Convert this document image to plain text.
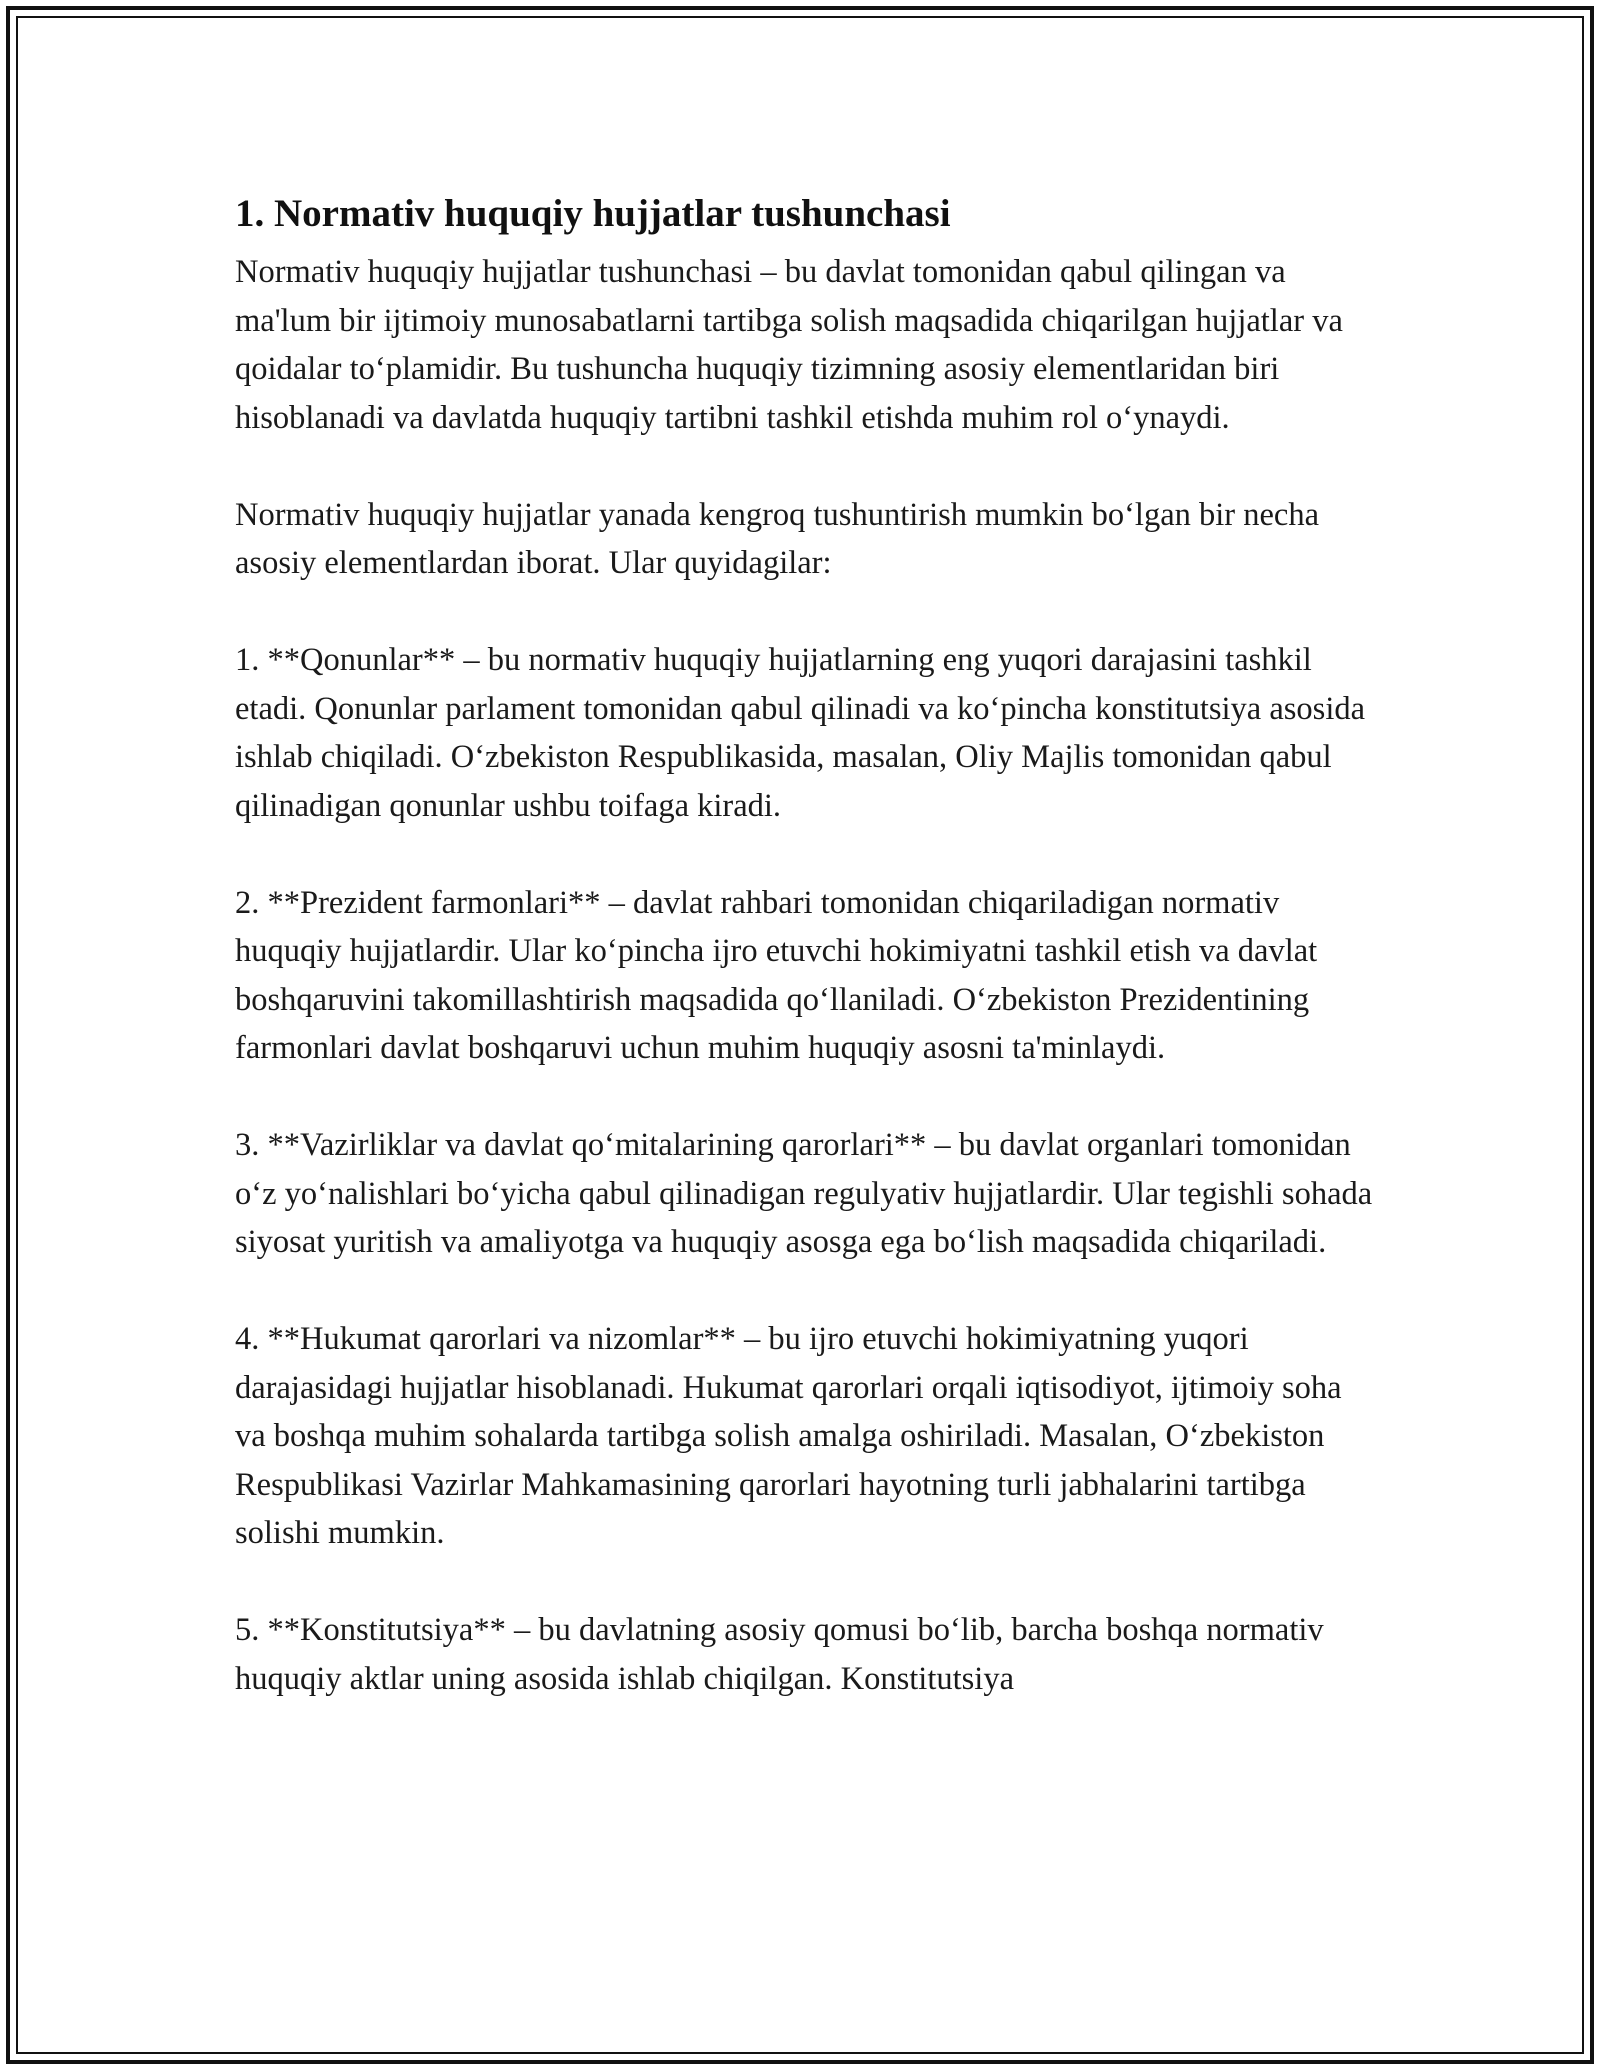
1. Normativ huquqiy hujjatlar tushunchasi

Normativ huquqiy hujjatlar tushunchasi – bu davlat tomonidan qabul qilingan va ma'lum bir ijtimoiy munosabatlarni tartibga solish maqsadida chiqarilgan hujjatlar va qoidalar to‘plamidir. Bu tushuncha huquqiy tizimning asosiy elementlaridan biri hisoblanadi va davlatda huquqiy tartibni tashkil etishda muhim rol o‘ynaydi.

Normativ huquqiy hujjatlar yanada kengroq tushuntirish mumkin bo‘lgan bir necha asosiy elementlardan iborat. Ular quyidagilar:

1. **Qonunlar** – bu normativ huquqiy hujjatlarning eng yuqori darajasini tashkil etadi. Qonunlar parlament tomonidan qabul qilinadi va ko‘pincha konstitutsiya asosida ishlab chiqiladi. O‘zbekiston Respublikasida, masalan, Oliy Majlis tomonidan qabul qilinadigan qonunlar ushbu toifaga kiradi.

2. **Prezident farmonlari** – davlat rahbari tomonidan chiqariladigan normativ huquqiy hujjatlardir. Ular ko‘pincha ijro etuvchi hokimiyatni tashkil etish va davlat boshqaruvini takomillashtirish maqsadida qo‘llaniladi. O‘zbekiston Prezidentining farmonlari davlat boshqaruvi uchun muhim huquqiy asosni ta'minlaydi.

3. **Vazirliklar va davlat qo‘mitalarining qarorlari** – bu davlat organlari tomonidan o‘z yo‘nalishlari bo‘yicha qabul qilinadigan regulyativ hujjatlardir. Ular tegishli sohada siyosat yuritish va amaliyotga va huquqiy asosga ega bo‘lish maqsadida chiqariladi.

4. **Hukumat qarorlari va nizomlar** – bu ijro etuvchi hokimiyatning yuqori darajasidagi hujjatlar hisoblanadi. Hukumat qarorlari orqali iqtisodiyot, ijtimoiy soha va boshqa muhim sohalarda tartibga solish amalga oshiriladi. Masalan, O‘zbekiston Respublikasi Vazirlar Mahkamasining qarorlari hayotning turli jabhalarini tartibga solishi mumkin.

5. **Konstitutsiya** – bu davlatning asosiy qomusi bo‘lib, barcha boshqa normativ huquqiy aktlar uning asosida ishlab chiqilgan. Konstitutsiya
